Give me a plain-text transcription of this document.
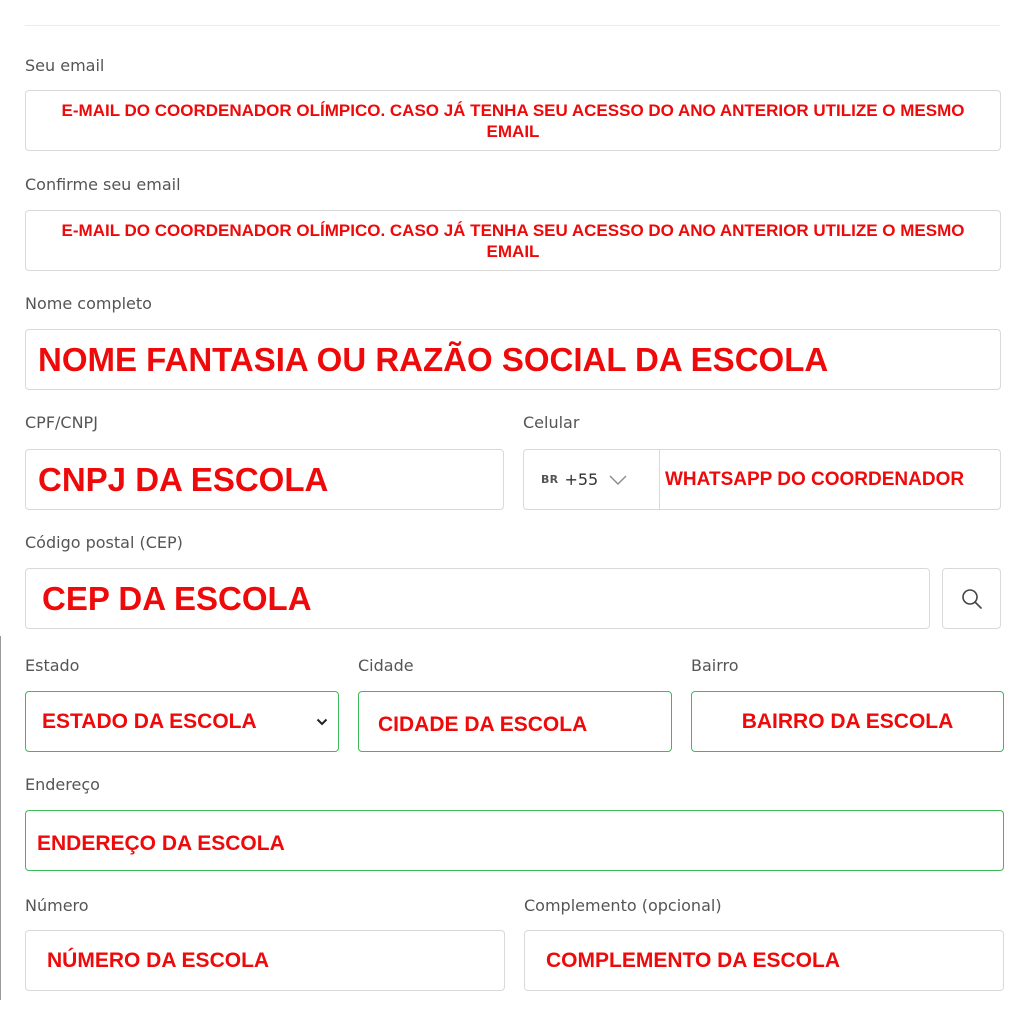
Seu email
E-MAIL DO COORDENADOR OLÍMPICO. CASO JÁ TENHA SEU ACESSO DO ANO ANTERIOR UTILIZE O MESMO EMAIL
Confirme seu email
E-MAIL DO COORDENADOR OLÍMPICO. CASO JÁ TENHA SEU ACESSO DO ANO ANTERIOR UTILIZE O MESMO EMAIL
Nome completo
NOME FANTASIA OU RAZÃO SOCIAL DA ESCOLA
CPF/CNPJ
CNPJ DA ESCOLA
Celular
BR +55	WHATSAPP DO COORDENADOR
Código postal (CEP)
CEP DA ESCOLA
Estado
ESTADO DA ESCOLA
Cidade
CIDADE DA ESCOLA
Bairro
BAIRRO DA ESCOLA
Endereço
ENDEREÇO DA ESCOLA
Número
NÚMERO DA ESCOLA
Complemento (opcional)
COMPLEMENTO DA ESCOLA
